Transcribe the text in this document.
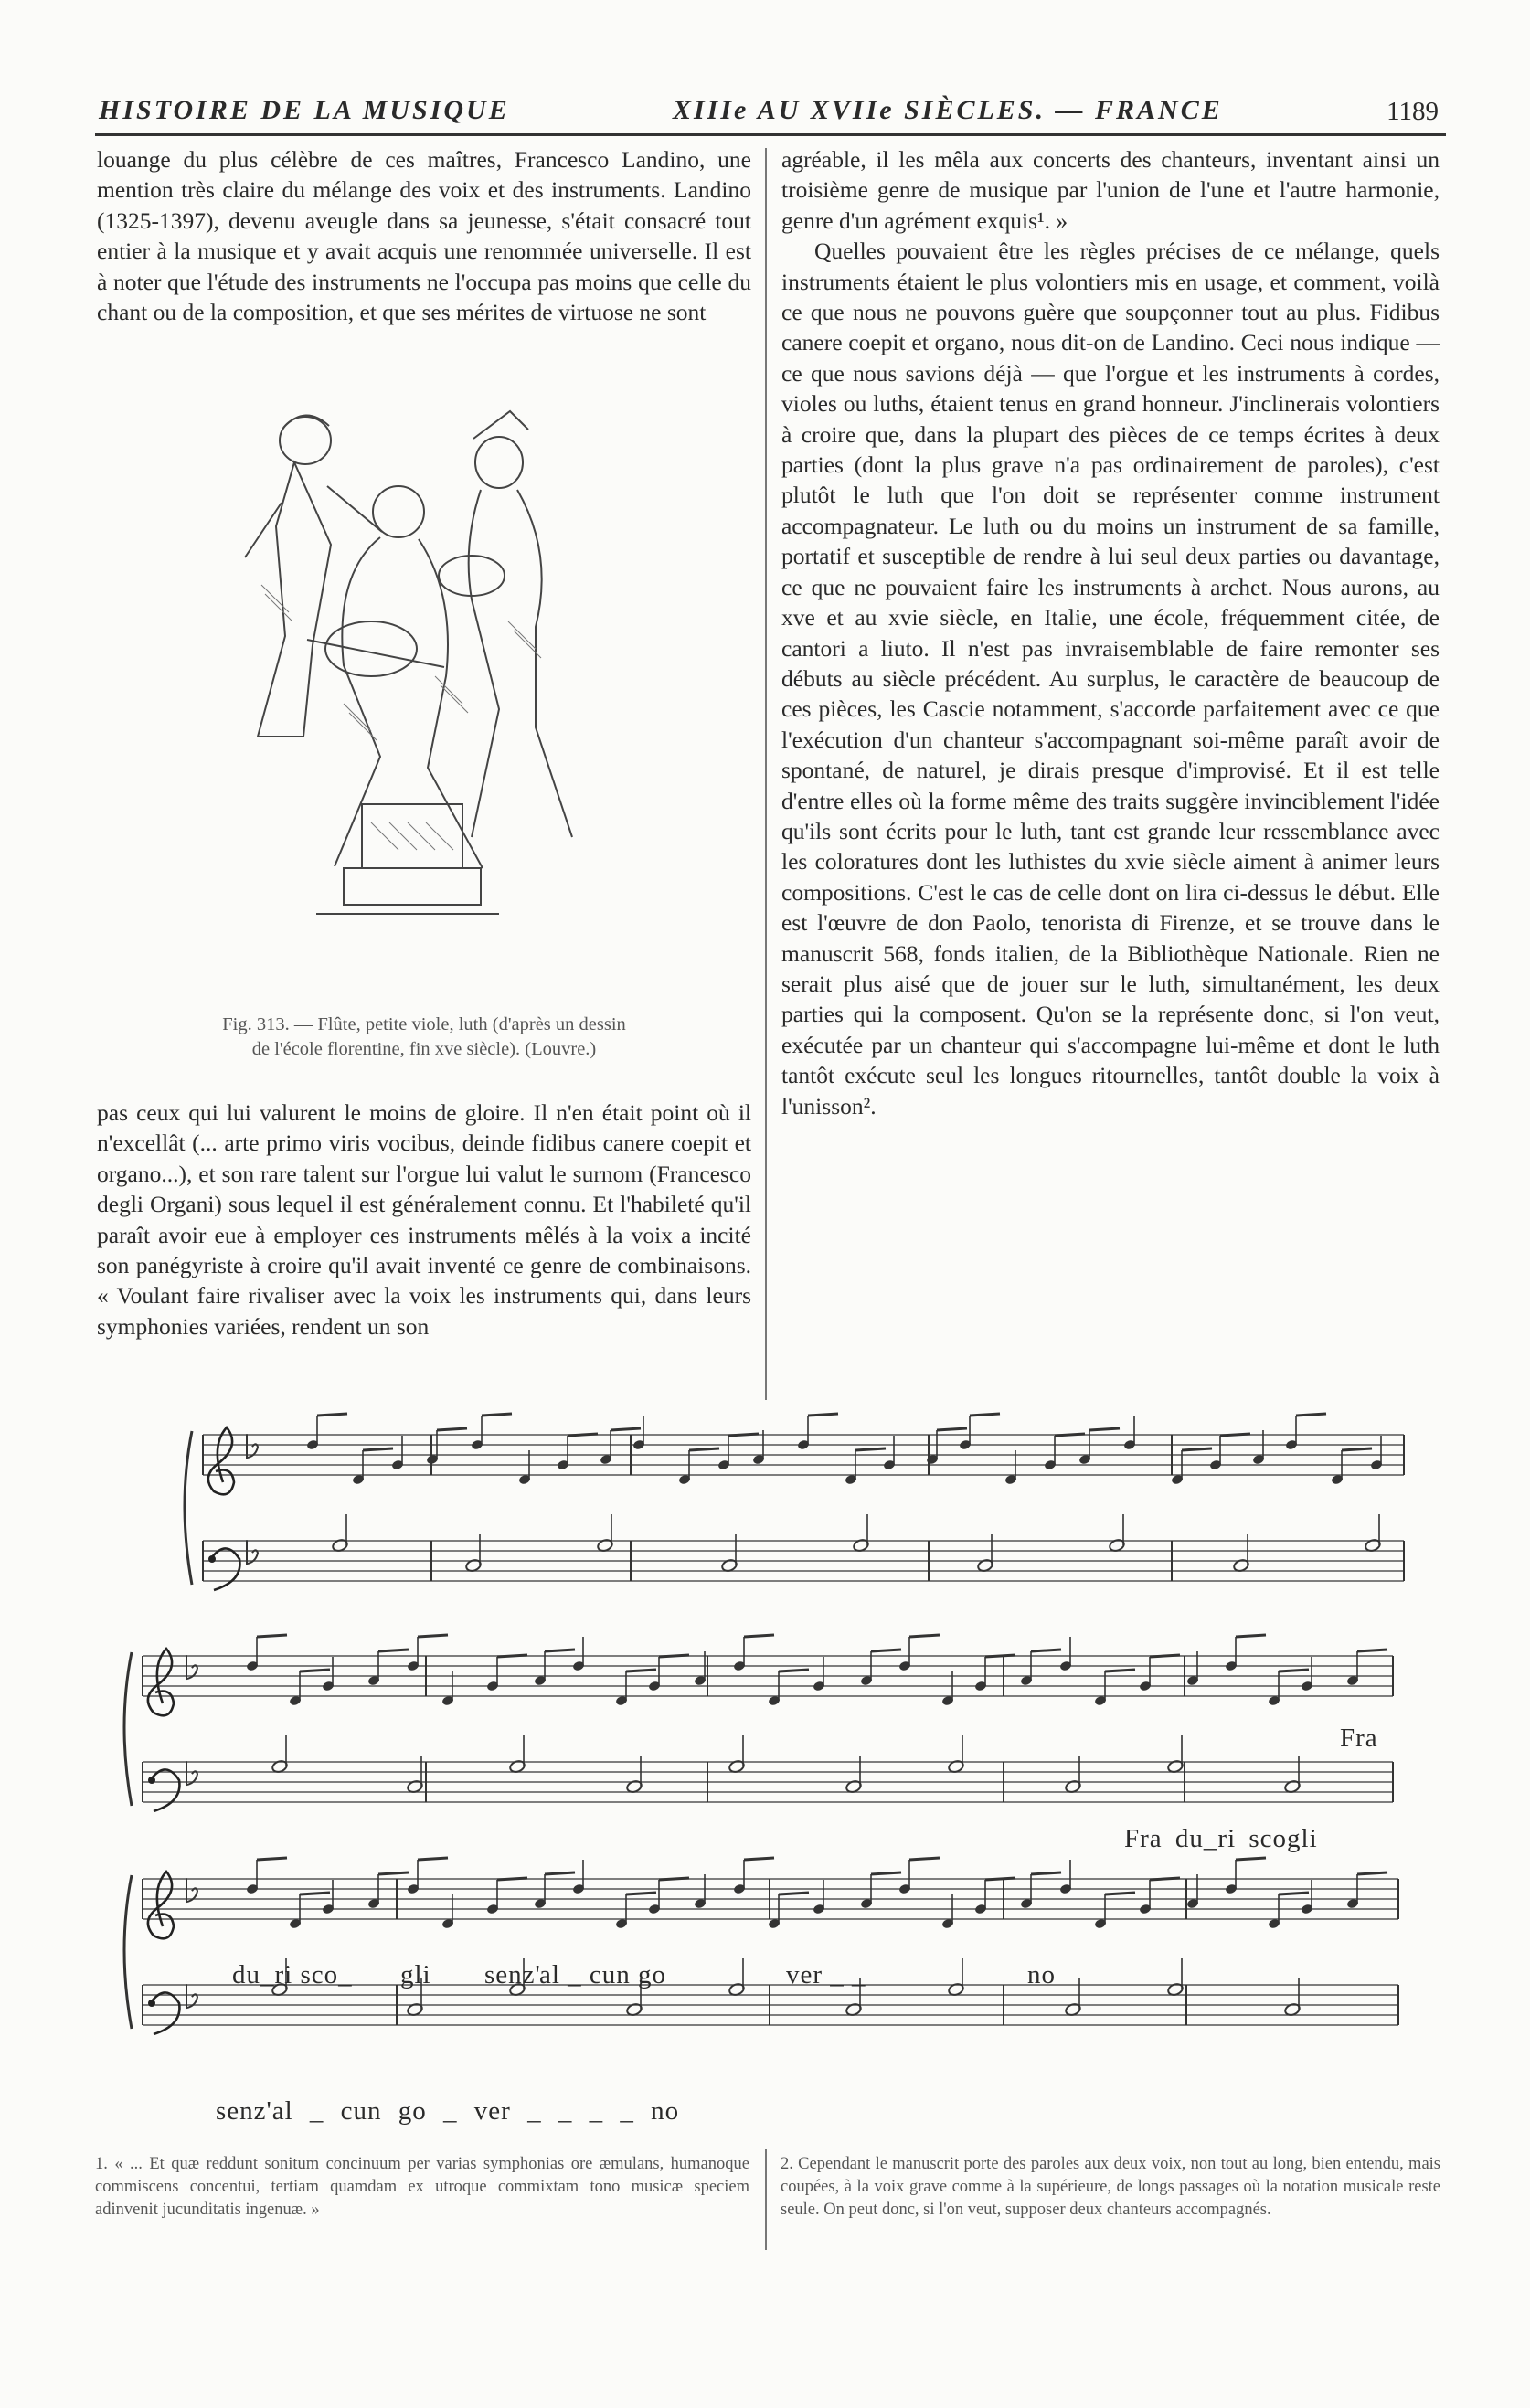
HISTOIRE DE LA MUSIQUE	XIIIe AU XVIIe SIÈCLES. — FRANCE	1189

louange du plus célèbre de ces maîtres, Francesco Landino, une mention très claire du mélange des voix et des instruments. Landino (1325-1397), devenu aveugle dans sa jeunesse, s'était consacré tout entier à la musique et y avait acquis une renommée universelle. Il est à noter que l'étude des instruments ne l'occupa pas moins que celle du chant ou de la composition, et que ses mérites de virtuose ne sont

Fig. 313. — Flûte, petite viole, luth (d'après un dessin
de l'école florentine, fin xve siècle). (Louvre.)

pas ceux qui lui valurent le moins de gloire. Il n'en était point où il n'excellât (... arte primo viris vocibus, deinde fidibus canere coepit et organo...), et son rare talent sur l'orgue lui valut le surnom (Francesco degli Organi) sous lequel il est généralement connu. Et l'habileté qu'il paraît avoir eue à employer ces instruments mêlés à la voix a incité son panégyriste à croire qu'il avait inventé ce genre de combinaisons. « Voulant faire rivaliser avec la voix les instruments qui, dans leurs symphonies variées, rendent un son

agréable, il les mêla aux concerts des chanteurs, inventant ainsi un troisième genre de musique par l'union de l'une et l'autre harmonie, genre d'un agrément exquis¹. »

Quelles pouvaient être les règles précises de ce mélange, quels instruments étaient le plus volontiers mis en usage, et comment, voilà ce que nous ne pouvons guère que soupçonner tout au plus. Fidibus canere coepit et organo, nous dit-on de Landino. Ceci nous indique — ce que nous savions déjà — que l'orgue et les instruments à cordes, violes ou luths, étaient tenus en grand honneur. J'inclinerais volontiers à croire que, dans la plupart des pièces de ce temps écrites à deux parties (dont la plus grave n'a pas ordinairement de paroles), c'est plutôt le luth que l'on doit se représenter comme instrument accompagnateur. Le luth ou du moins un instrument de sa famille, portatif et susceptible de rendre à lui seul deux parties ou davantage, ce que ne pouvaient faire les instruments à archet. Nous aurons, au xve et au xvie siècle, en Italie, une école, fréquemment citée, de cantori a liuto. Il n'est pas invraisemblable de faire remonter ses débuts au siècle précédent. Au surplus, le caractère de beaucoup de ces pièces, les Cascie notamment, s'accorde parfaitement avec ce que l'exécution d'un chanteur s'accompagnant soi-même paraît avoir de spontané, de naturel, je dirais presque d'improvisé. Et il est telle d'entre elles où la forme même des traits suggère invinciblement l'idée qu'ils sont écrits pour le luth, tant est grande leur ressemblance avec les colоratures dont les luthistes du xvie siècle aiment à animer leurs compositions. C'est le cas de celle dont on lira ci-dessus le début. Elle est l'œuvre de don Paolo, tenorista di Firenze, et se trouve dans le manuscrit 568, fonds italien, de la Bibliothèque Nationale. Rien ne serait plus aisé que de jouer sur le luth, simultanément, les deux parties qui la composent. Qu'on se la représente donc, si l'on veut, exécutée par un chanteur qui s'accompagne lui-même et dont le luth tantôt exécute seul les longues ritournelles, tantôt double la voix à l'unisson².

Fra
Fra du_ri scogli
du_ri sco_ gli senz'
al _ cun go	ver _ _	no
senz'al _ cun go _ ver _ _ _ _ no
1. « ... Et quæ reddunt sonitum concinuum per varias symphonias ore æmulans, humanoque commiscens concentui, tertiam quamdam ex utroque commixtam tono musicæ speciem adinvenit jucunditatis ingenuæ. »
2. Cependant le manuscrit porte des paroles aux deux voix, non tout au long, bien entendu, mais coupées, à la voix grave comme à la supérieure, de longs passages où la notation musicale reste seule. On peut donc, si l'on veut, supposer deux chanteurs accompagnés.
